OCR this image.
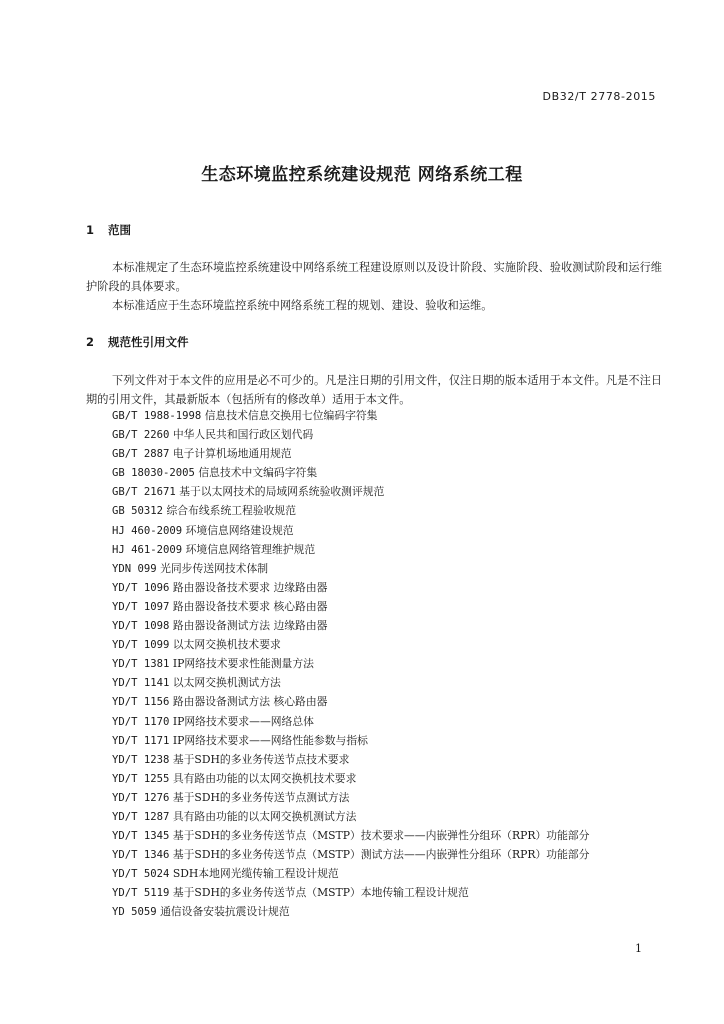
DB32/T 2778-2015
生态环境监控系统建设规范 网络系统工程
1 范围

本标准规定了生态环境监控系统建设中网络系统工程建设原则以及设计阶段、实施阶段、验收测试阶段和运行维护阶段的具体要求。

本标准适应于生态环境监控系统中网络系统工程的规划、建设、验收和运维。

2 规范性引用文件

下列文件对于本文件的应用是必不可少的。凡是注日期的引用文件，仅注日期的版本适用于本文件。凡是不注日期的引用文件，其最新版本（包括所有的修改单）适用于本文件。

GB/T 1988-1998 信息技术信息交换用七位编码字符集
GB/T 2260 中华人民共和国行政区划代码
GB/T 2887 电子计算机场地通用规范
GB 18030-2005 信息技术中文编码字符集
GB/T 21671 基于以太网技术的局域网系统验收测评规范
GB 50312 综合布线系统工程验收规范
HJ 460-2009 环境信息网络建设规范
HJ 461-2009 环境信息网络管理维护规范
YDN 099 光同步传送网技术体制
YD/T 1096 路由器设备技术要求 边缘路由器
YD/T 1097 路由器设备技术要求 核心路由器
YD/T 1098 路由器设备测试方法 边缘路由器
YD/T 1099 以太网交换机技术要求
YD/T 1381 IP网络技术要求性能测量方法
YD/T 1141 以太网交换机测试方法
YD/T 1156 路由器设备测试方法 核心路由器
YD/T 1170 IP网络技术要求——网络总体
YD/T 1171 IP网络技术要求——网络性能参数与指标
YD/T 1238 基于SDH的多业务传送节点技术要求
YD/T 1255 具有路由功能的以太网交换机技术要求
YD/T 1276 基于SDH的多业务传送节点测试方法
YD/T 1287 具有路由功能的以太网交换机测试方法
YD/T 1345 基于SDH的多业务传送节点（MSTP）技术要求——内嵌弹性分组环（RPR）功能部分
YD/T 1346 基于SDH的多业务传送节点（MSTP）测试方法——内嵌弹性分组环（RPR）功能部分
YD/T 5024 SDH本地网光缆传输工程设计规范
YD/T 5119 基于SDH的多业务传送节点（MSTP）本地传输工程设计规范
YD 5059 通信设备安装抗震设计规范
1
